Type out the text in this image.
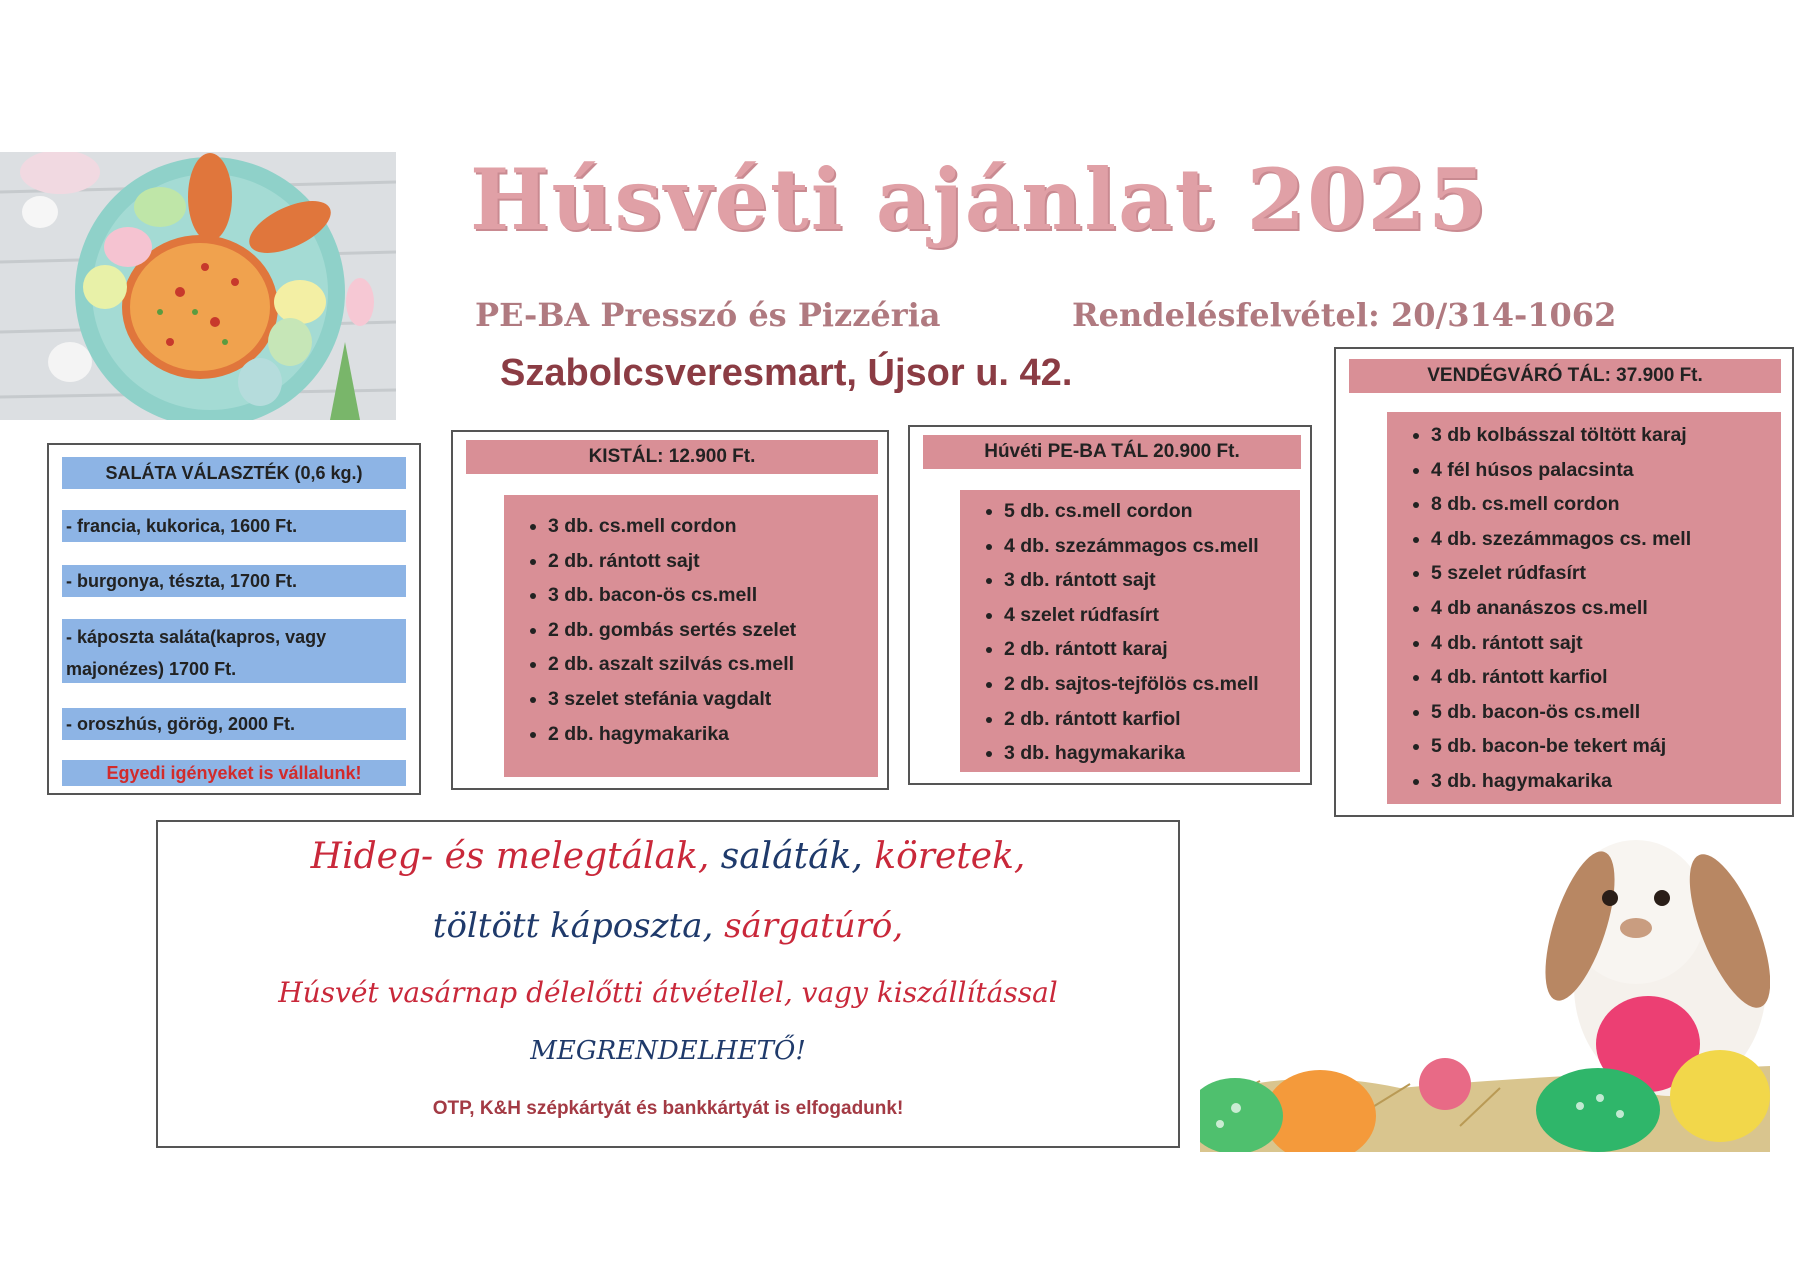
Húsvéti ajánlat 2025
PE-BA Presszó és Pizzéria	Rendelésfelvétel: 20/314-1062
Szabolcsveresmart, Újsor u. 42.
SALÁTA VÁLASZTÉK (0,6 kg.)
- francia, kukorica, 1600 Ft.
- burgonya, tészta, 1700 Ft.
- káposzta saláta(kapros, vagy majonézes) 1700 Ft.
- oroszhús, görög, 2000 Ft.
Egyedi igényeket is vállalunk!
KISTÁL: 12.900 Ft.
• 3 db. cs.mell cordon
• 2 db. rántott sajt
• 3 db. bacon-ös cs.mell
• 2 db. gombás sertés szelet
• 2 db. aszalt szilvás cs.mell
• 3 szelet stefánia vagdalt
• 2 db. hagymakarika
Húvéti PE-BA TÁL 20.900 Ft.
• 5 db. cs.mell cordon
• 4 db. szezámmagos cs.mell
• 3 db. rántott sajt
• 4 szelet rúdfasírt
• 2 db. rántott karaj
• 2 db. sajtos-tejfölös cs.mell
• 2 db. rántott karfiol
• 3 db. hagymakarika
VENDÉGVÁRÓ TÁL: 37.900 Ft.
• 3 db kolbásszal töltött karaj
• 4 fél húsos palacsinta
• 8 db. cs.mell cordon
• 4 db. szezámmagos cs. mell
• 5 szelet rúdfasírt
• 4 db ananászos cs.mell
• 4 db. rántott sajt
• 4 db. rántott karfiol
• 5 db. bacon-ös cs.mell
• 5 db. bacon-be tekert máj
• 3 db. hagymakarika
Hideg- és melegtálak, saláták, köretek,
töltött káposzta, sárgatúró,
Húsvét vasárnap délelőtti átvétellel, vagy kiszállítással
MEGRENDELHETŐ!
OTP, K&H szépkártyát és bankkártyát is elfogadunk!
